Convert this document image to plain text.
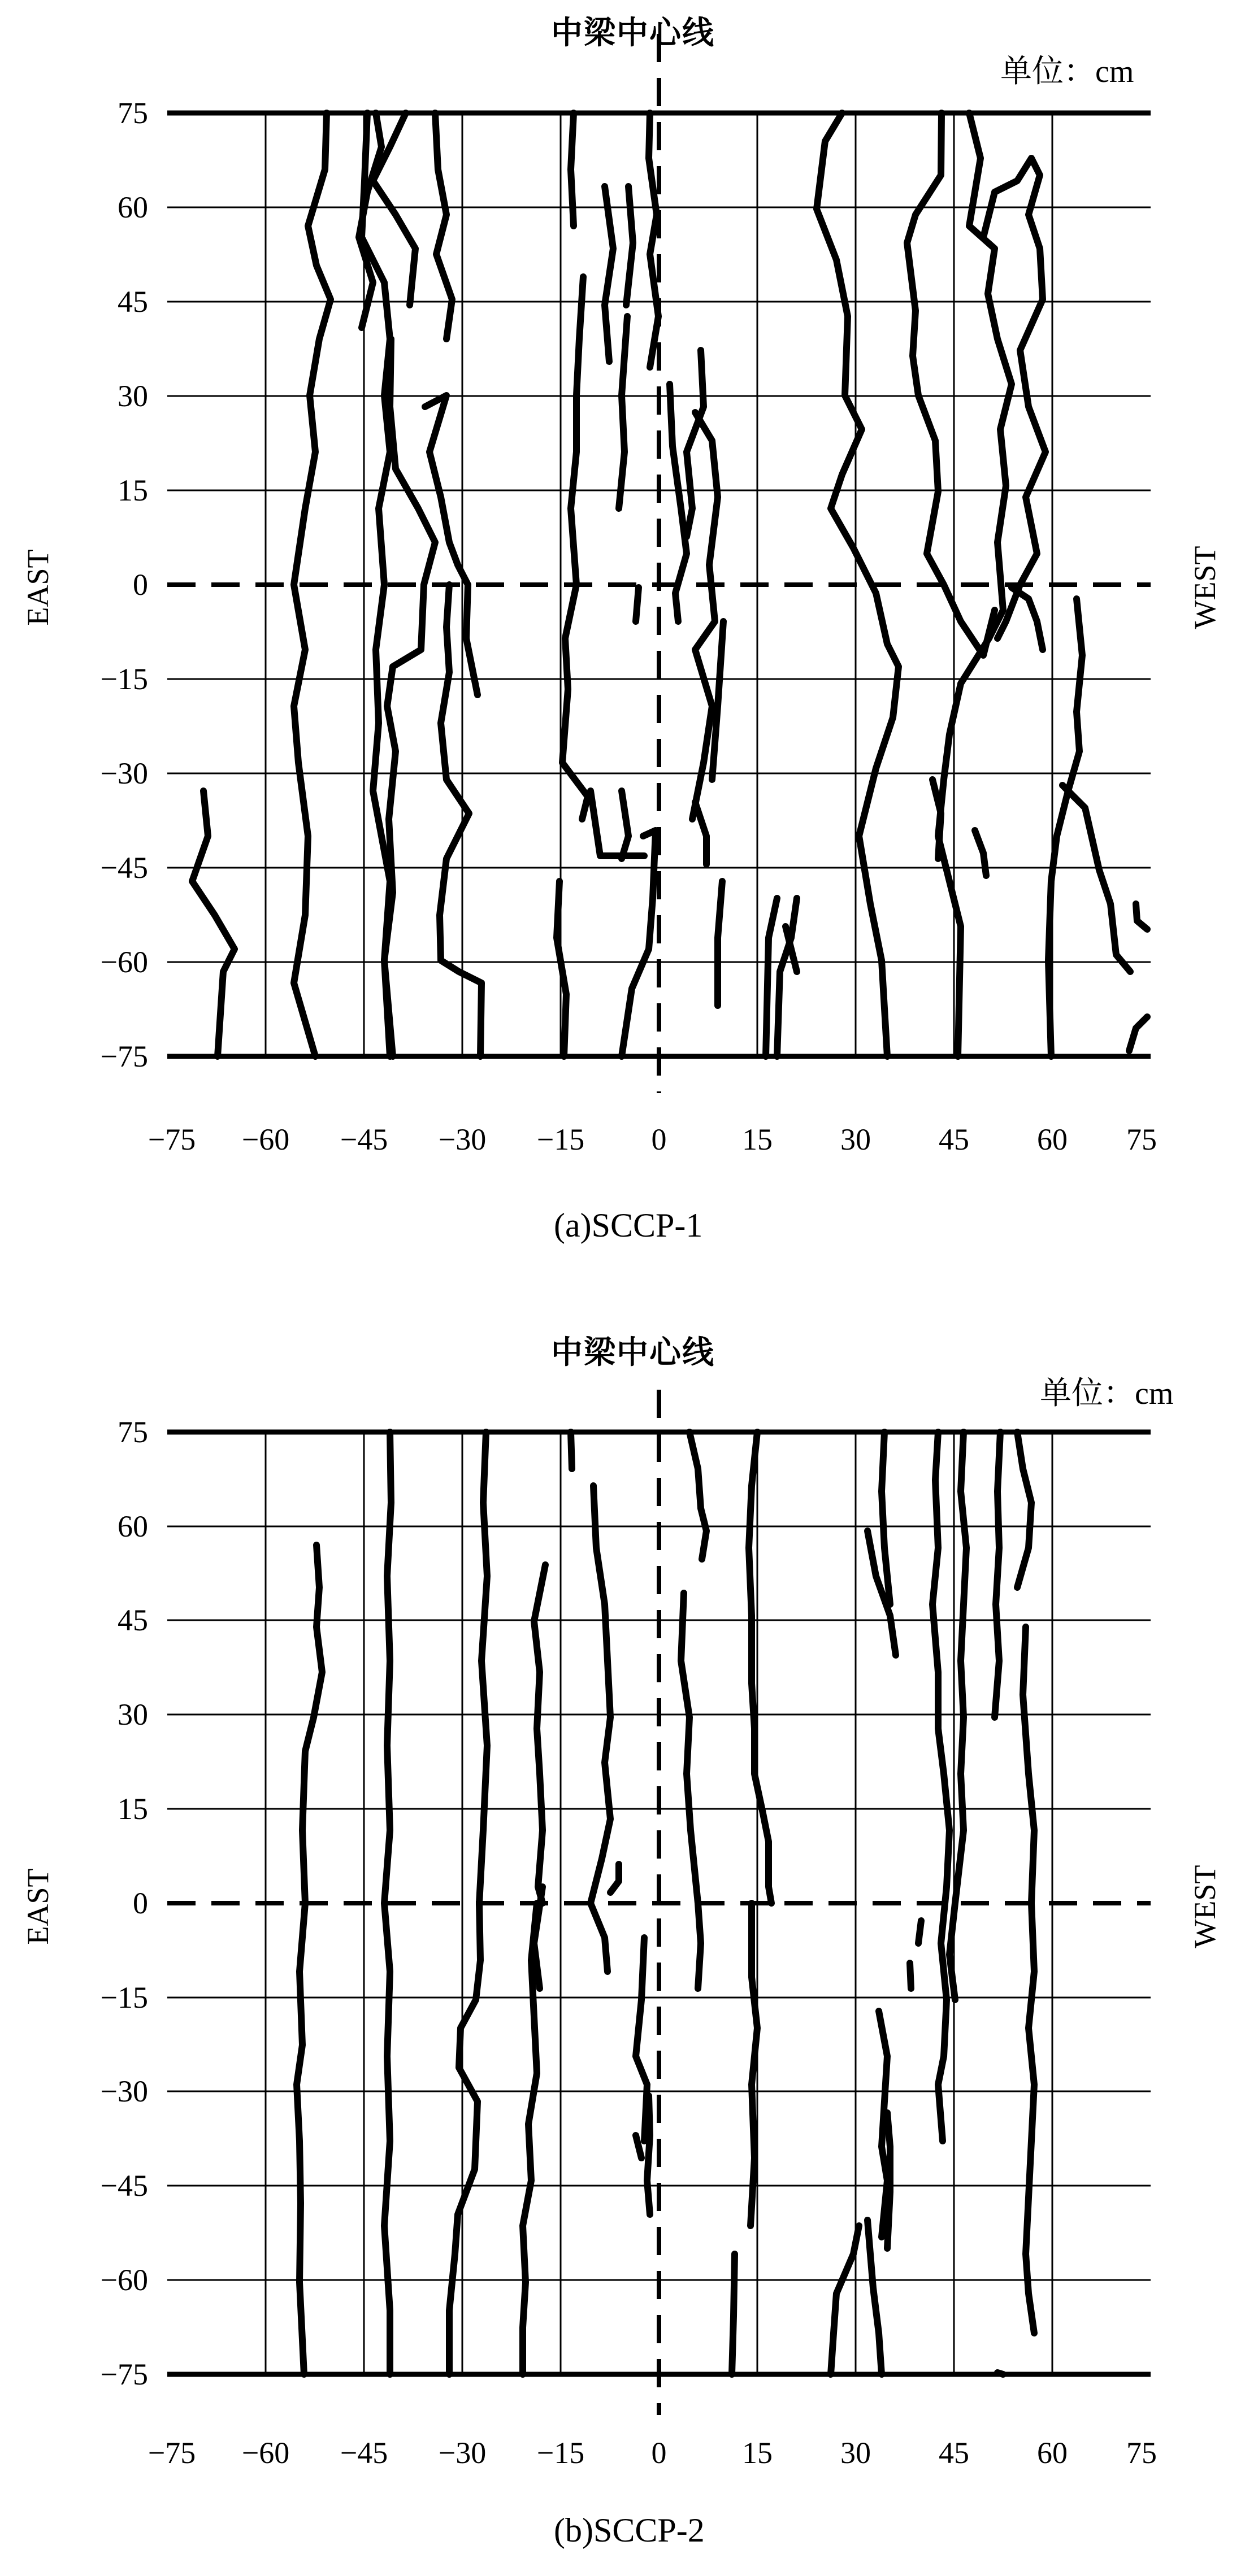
中梁中心线
单位：cm
75
60
45
30
15
0
−15
−30
−45
−60
−75
−75 −60 −45 −30 −15 0 15 30 45 60 75
EAST	WEST
(a)SCCP-1
中梁中心线
单位：cm
75
60
45
30
15
0
−15
−30
−45
−60
−75
−75 −60 −45 −30 −15 0 15 30 45 60 75
EAST	WEST
(b)SCCP-2
